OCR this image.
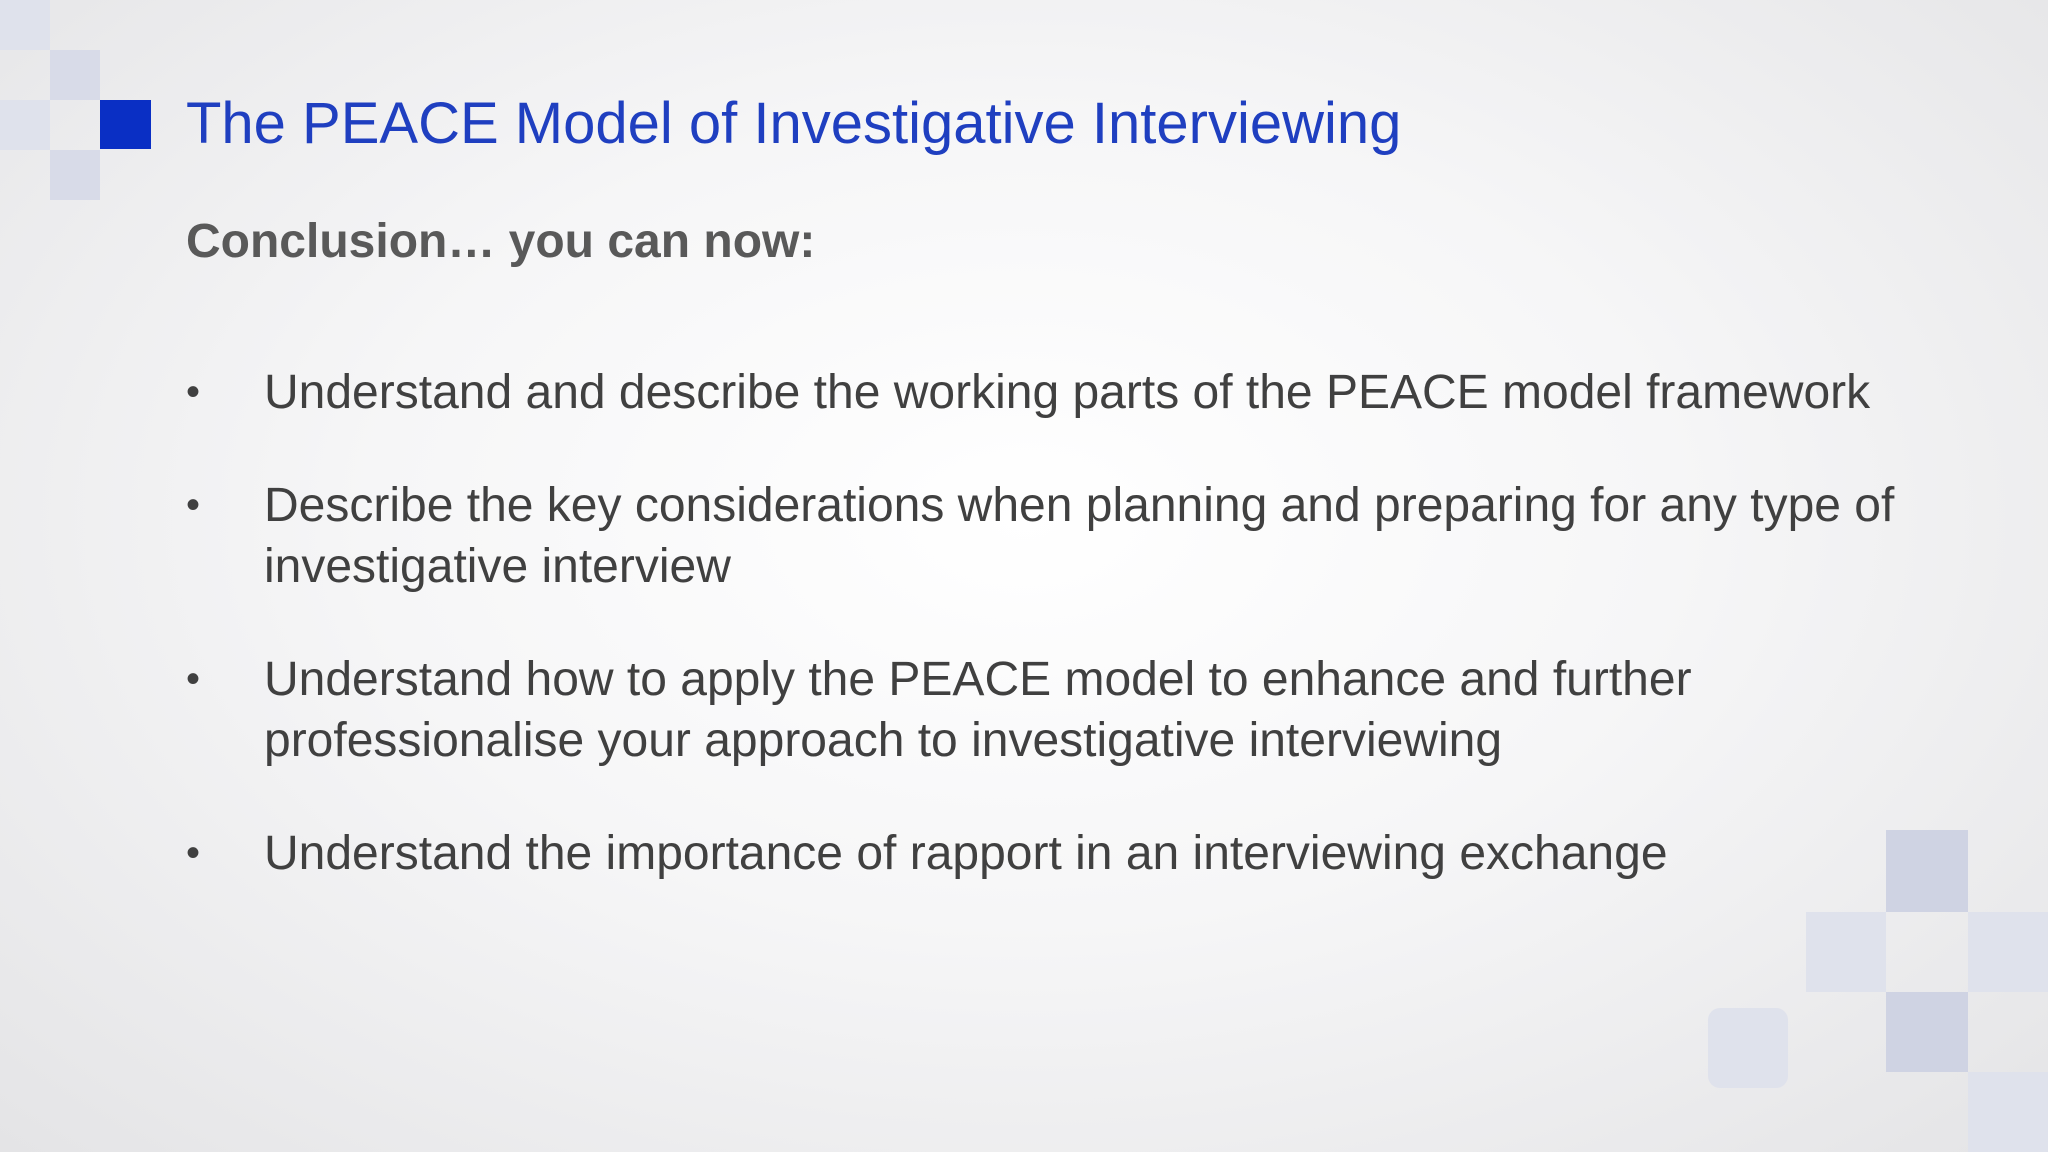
The PEACE Model of Investigative Interviewing
Conclusion… you can now:
• Understand and describe the working parts of the PEACE model framework
• Describe the key considerations when planning and preparing for any type of investigative interview
• Understand how to apply the PEACE model to enhance and further professionalise your approach to investigative interviewing
• Understand the importance of rapport in an interviewing exchange
